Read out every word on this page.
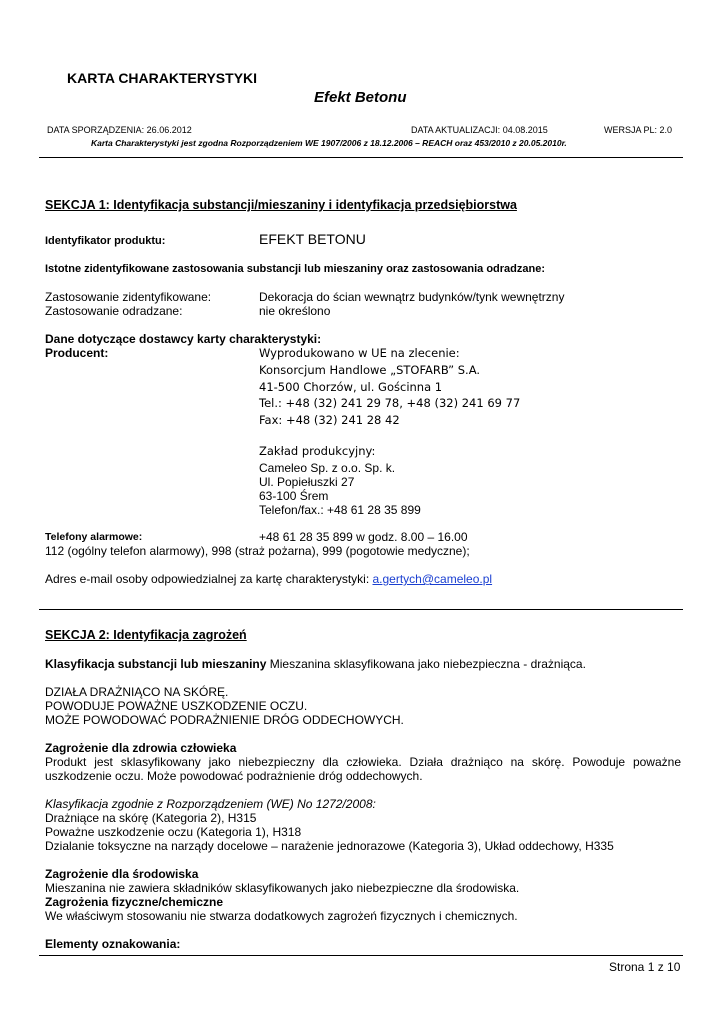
KARTA CHARAKTERYSTYKI
Efekt Betonu
DATA SPORZĄDZENIA: 26.06.2012	DATA AKTUALIZACJI: 04.08.2015	WERSJA PL: 2.0
Karta Charakterystyki jest zgodna Rozporządzeniem WE 1907/2006 z 18.12.2006 – REACH oraz 453/2010 z 20.05.2010r.
SEKCJA 1: Identyfikacja substancji/mieszaniny i identyfikacja przedsiębiorstwa
Identyfikator produktu:	EFEKT BETONU
Istotne zidentyfikowane zastosowania substancji lub mieszaniny oraz zastosowania odradzane:
Zastosowanie zidentyfikowane:	Dekoracja do ścian wewnątrz budynków/tynk wewnętrzny
Zastosowanie odradzane:	nie określono
Dane dotyczące dostawcy karty charakterystyki:
Producent:	Wyprodukowano w UE na zlecenie:
Konsorcjum Handlowe „STOFARB” S.A.
41-500 Chorzów, ul. Gościnna 1
Tel.: +48 (32) 241 29 78, +48 (32) 241 69 77
Fax: +48 (32) 241 28 42
Zakład produkcyjny:
Cameleo Sp. z o.o. Sp. k.
Ul. Popiełuszki 27
63-100 Śrem
Telefon/fax.: +48 61 28 35 899
Telefony alarmowe:	+48 61 28 35 899 w godz. 8.00 – 16.00
112 (ogólny telefon alarmowy), 998 (straż pożarna), 999 (pogotowie medyczne);
Adres e-mail osoby odpowiedzialnej za kartę charakterystyki: a.gertych@cameleo.pl
SEKCJA 2: Identyfikacja zagrożeń
Klasyfikacja substancji lub mieszaniny Mieszanina sklasyfikowana jako niebezpieczna - drażniąca.
DZIAŁA DRAŻNIĄCO NA SKÓRĘ.
POWODUJE POWAŻNE USZKODZENIE OCZU.
MOŻE POWODOWAĆ PODRAŻNIENIE DRÓG ODDECHOWYCH.
Zagrożenie dla zdrowia człowieka
Produkt jest sklasyfikowany jako niebezpieczny dla człowieka. Działa drażniąco na skórę. Powoduje poważne uszkodzenie oczu. Może powodować podrażnienie dróg oddechowych.
Klasyfikacja zgodnie z Rozporządzeniem (WE) No 1272/2008:
Drażniące na skórę (Kategoria 2), H315
Poważne uszkodzenie oczu (Kategoria 1), H318
Dzialanie toksyczne na narządy docelowe – narażenie jednorazowe (Kategoria 3), Układ oddechowy, H335
Zagrożenie dla środowiska
Mieszanina nie zawiera składników sklasyfikowanych jako niebezpieczne dla środowiska.
Zagrożenia fizyczne/chemiczne
We właściwym stosowaniu nie stwarza dodatkowych zagrożeń fizycznych i chemicznych.
Elementy oznakowania:
Strona 1 z 10
